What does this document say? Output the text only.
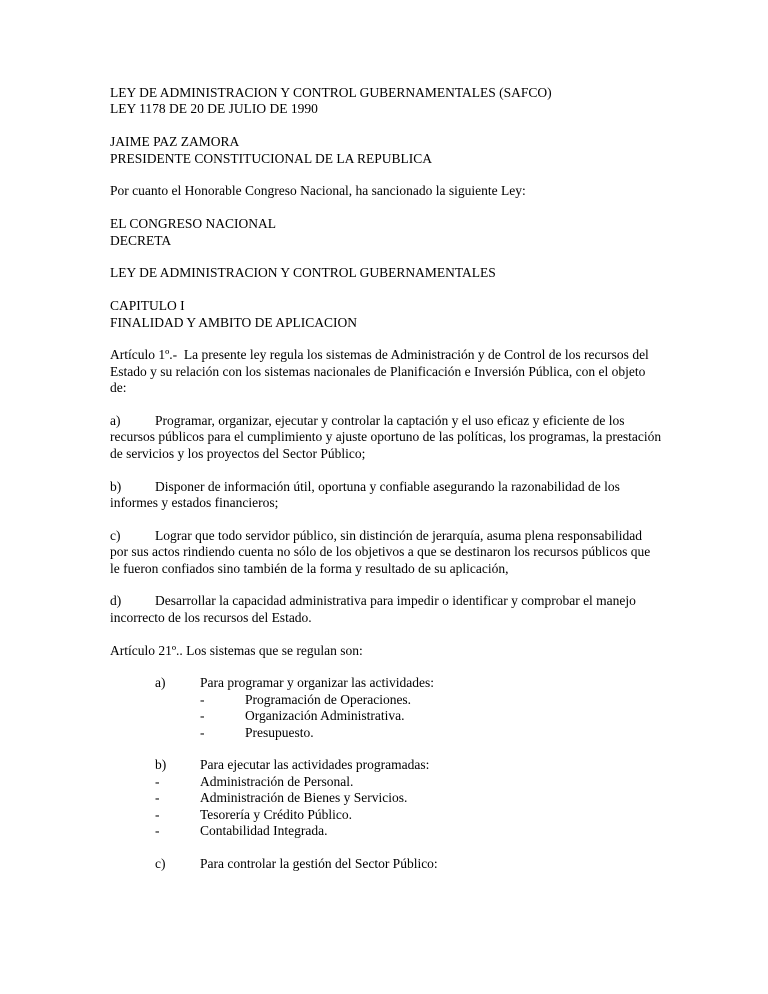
LEY DE ADMINISTRACION Y CONTROL GUBERNAMENTALES (SAFCO)

LEY 1178 DE 20 DE JULIO DE 1990

JAIME PAZ ZAMORA

PRESIDENTE CONSTITUCIONAL DE LA REPUBLICA

Por cuanto el Honorable Congreso Nacional, ha sancionado la siguiente Ley:

EL CONGRESO NACIONAL

DECRETA

LEY DE ADMINISTRACION Y CONTROL GUBERNAMENTALES

CAPITULO I

FINALIDAD Y AMBITO DE APLICACION

Artículo 1º.-  La presente ley regula los sistemas de Administración y de Control de los recursos del Estado y su relación con los sistemas nacionales de Planificación e Inversión Pública, con el objeto de:

a)	Programar, organizar, ejecutar y controlar la captación y el uso eficaz y eficiente de los recursos públicos para el cumplimiento y ajuste oportuno de las políticas, los programas, la prestación de servicios y los proyectos del Sector Público;

b)	Disponer de información útil, oportuna y confiable asegurando la razonabilidad de los informes y estados financieros;

c)	Lograr que todo servidor público, sin distinción de jerarquía, asuma plena responsabilidad por sus actos rindiendo cuenta no sólo de los objetivos a que se destinaron los recursos públicos que le fueron confiados sino también de la forma y resultado de su aplicación,

d)	Desarrollar la capacidad administrativa para impedir o identificar y comprobar el manejo incorrecto de los recursos del Estado.

Artículo 21º.. Los sistemas que se regulan son:

a)	Para programar y organizar las actividades:

-	Programación de Operaciones.

-	Organización Administrativa.

-	Presupuesto.

b)	Para ejecutar las actividades programadas:

-	Administración de Personal.

-	Administración de Bienes y Servicios.

-	Tesorería y Crédito Público.

-	Contabilidad Integrada.

c)	Para controlar la gestión del Sector Público:
